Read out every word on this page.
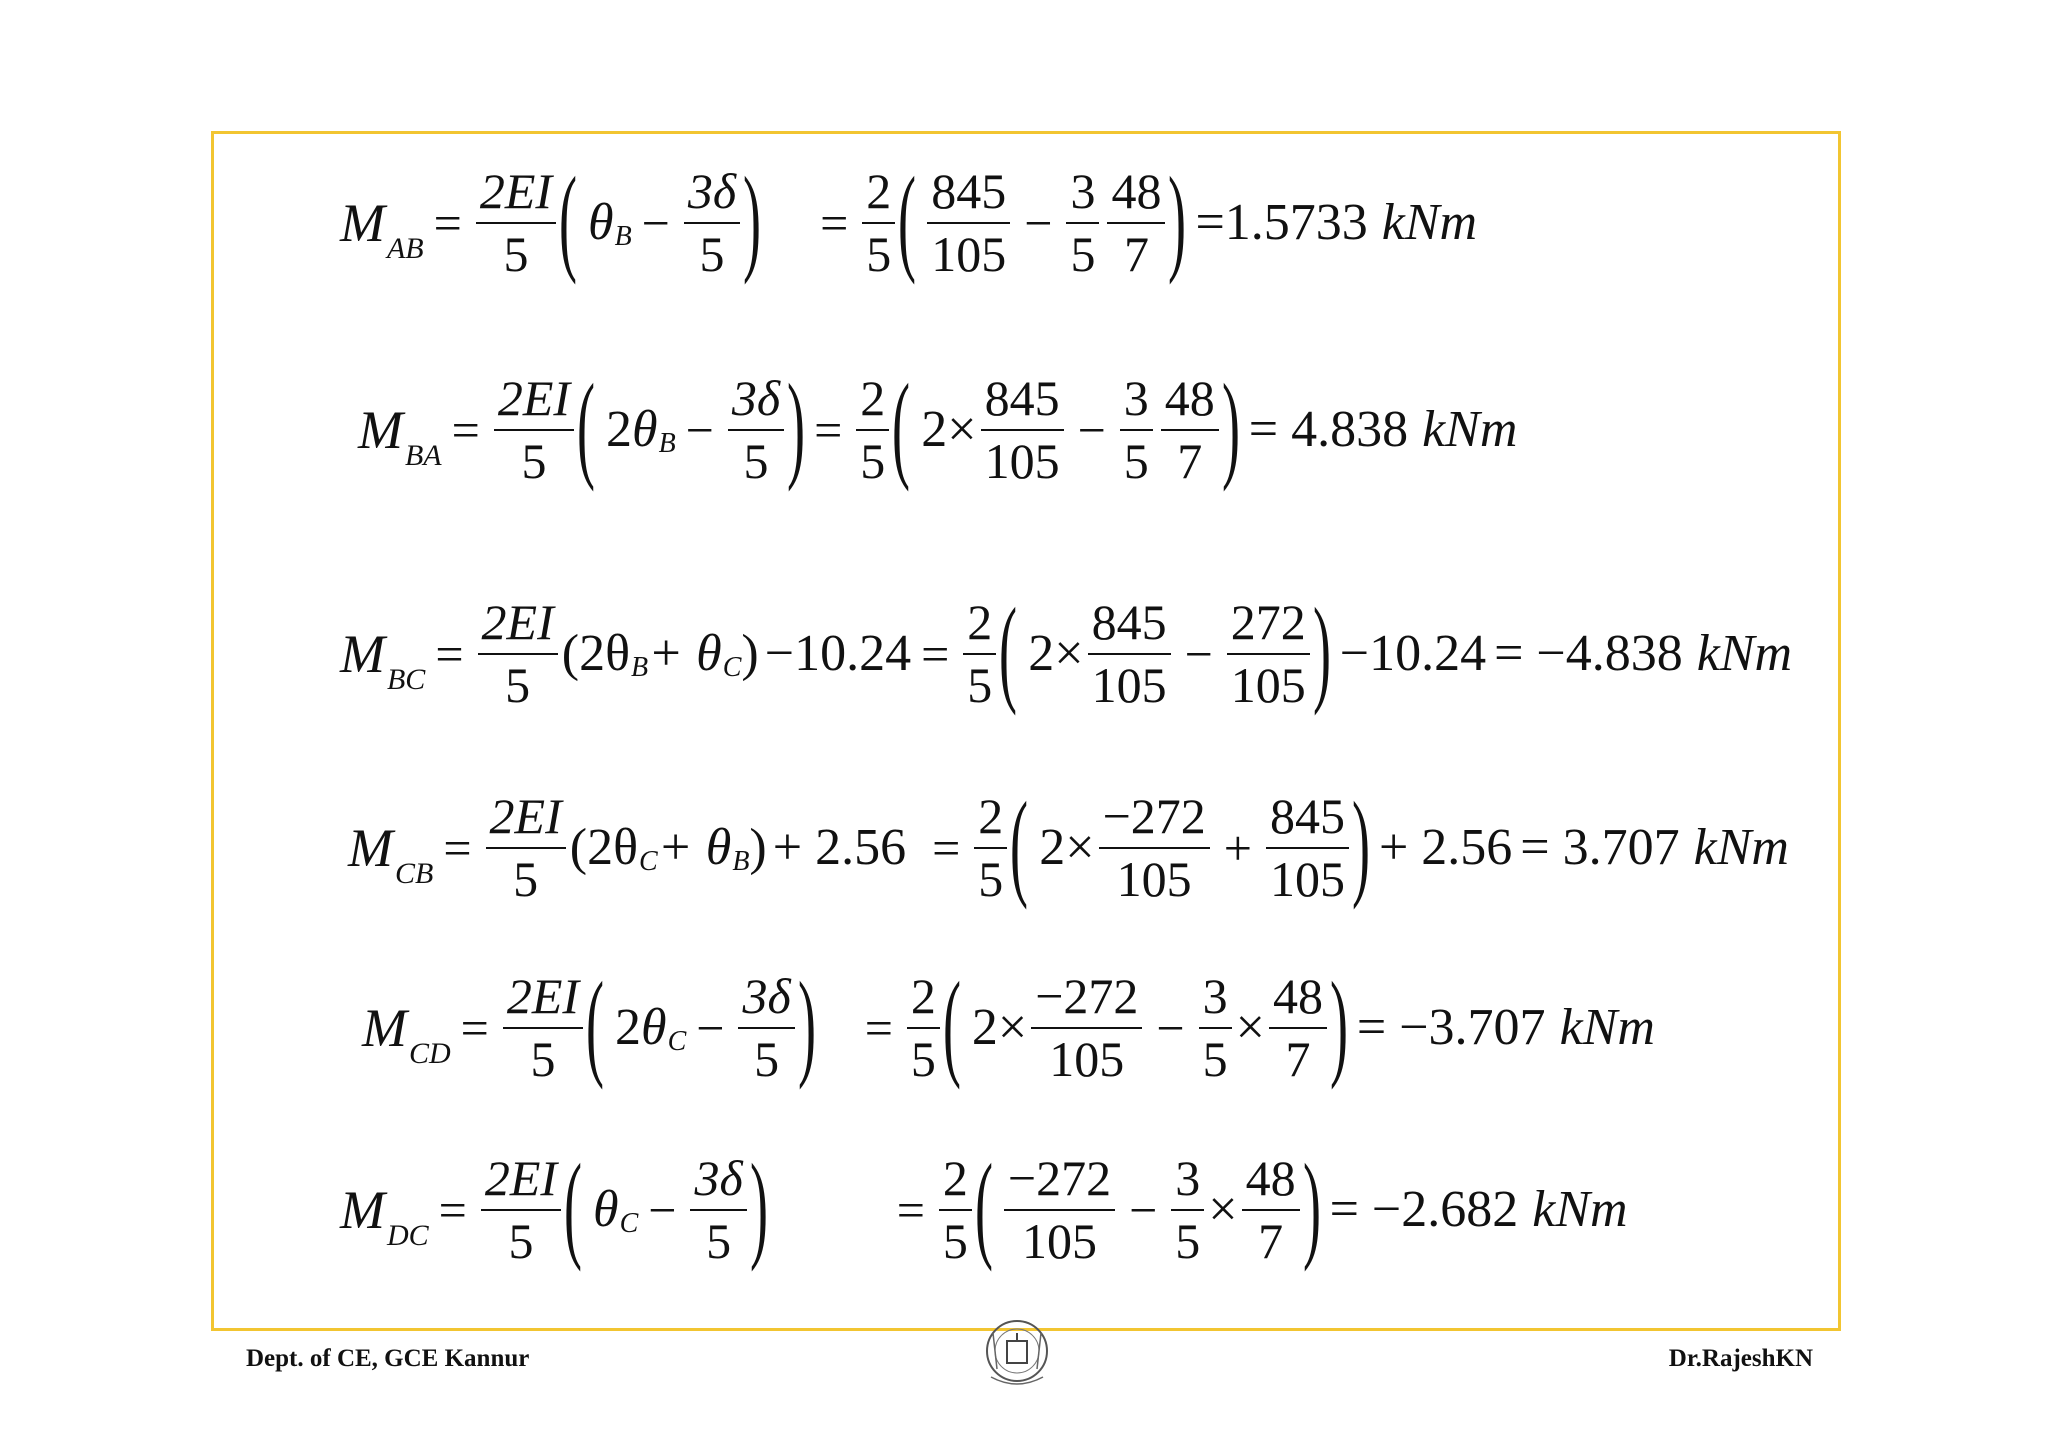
M AB = $\frac{2EI}{5}$ ( θ $B - \frac{3\delta}{5}$ ) = $\frac{2}{5}$ ( $\frac{845}{105} - \frac{3}{5} \frac{48}{7}$ ) =1.5733 kNm
M BA = $\frac{2EI}{5}$ ( 2 θ $B - \frac{3\delta}{5}$ ) = $\frac{2}{5}$ ( $2\times \frac{845}{105} - \frac{3}{5} \frac{48}{7}$ ) = 4.838 kNm
M BC = $\frac{2EI}{5}$ ( 2θ B + θ C ) $-10.24 = \frac{2}{5}$ ( $2\times \frac{845}{105} - \frac{272}{105}$ ) −10.24 = −4.838 kNm
M CB = $\frac{2EI}{5}$ ( 2θ C + θ B ) + $2.56 = \frac{2}{5}$ ( $2\times \frac{-272}{105} + \frac{845}{105}$ ) + 2.56 = 3.707 kNm
M CD = $\frac{2EI}{5}$ ( 2 θ $C - \frac{3\delta}{5}$ ) = $\frac{2}{5}$ ( $2\times \frac{-272}{105} - \frac{3}{5} \times \frac{48}{7}$ ) = −3.707 kNm
M DC = $\frac{2EI}{5}$ ( θ $C - \frac{3\delta}{5}$ )	= $\frac{2}{5}$ ( $\frac{-272}{105} - \frac{3}{5} \times \frac{48}{7}$ ) = −2.682 kNm
Dept. of CE, GCE Kannur	Dr.RajeshKN
